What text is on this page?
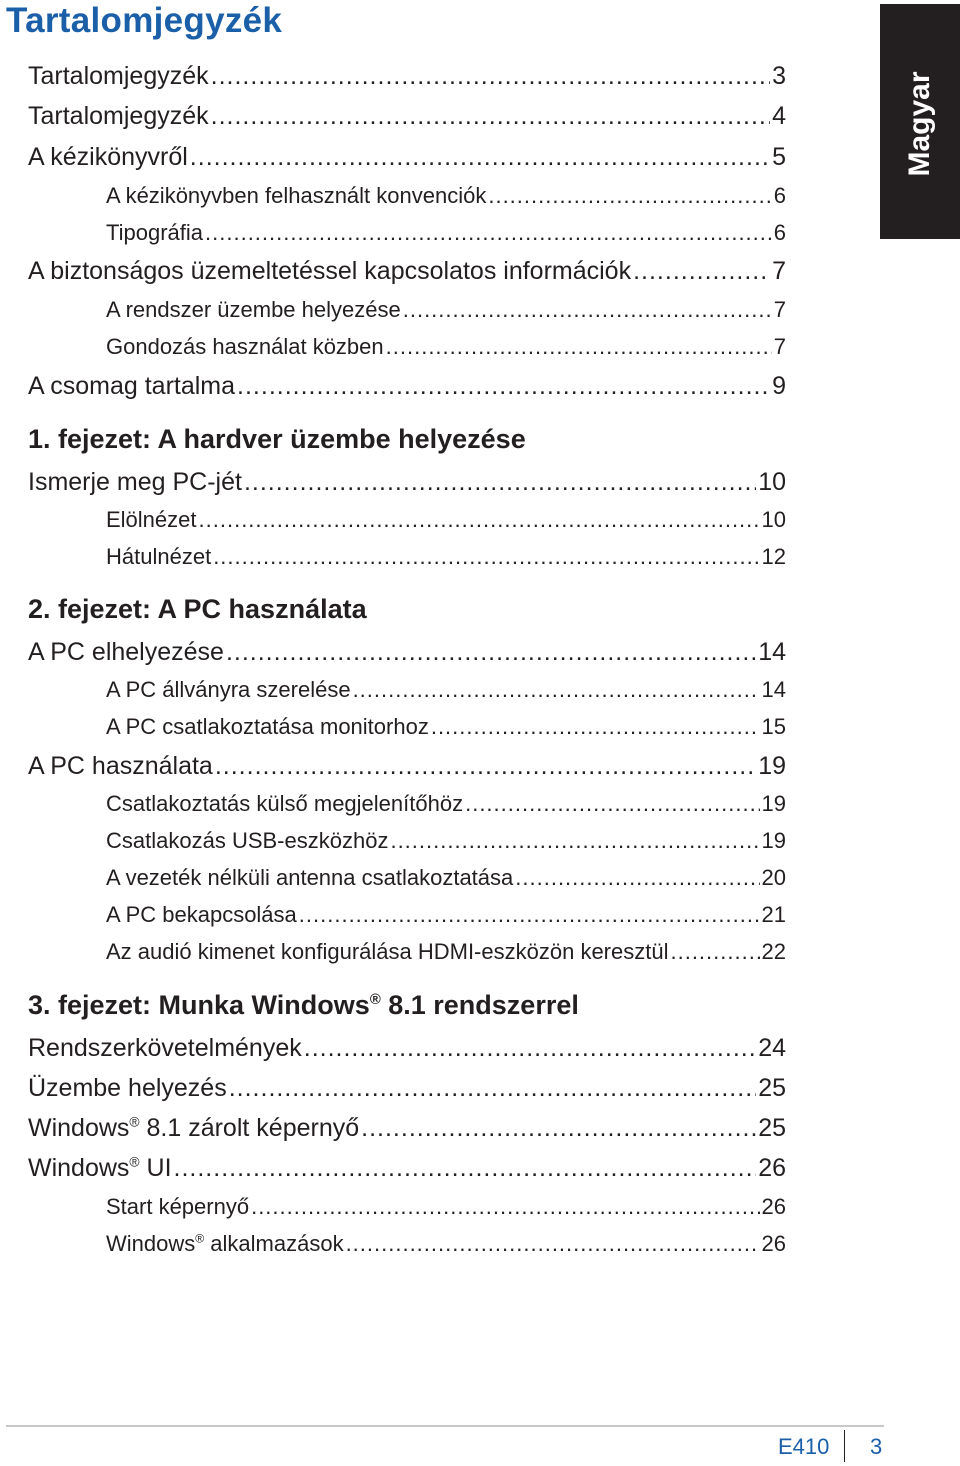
Tartalomjegyzék
Magyar
Tartalomjegyzék .....	3
Tartalomjegyzék .....	4
A kézikönyvről .....	5
A kézikönyvben felhasznált konvenciók .....	6
Tipográfia .....	6
A biztonságos üzemeltetéssel kapcsolatos információk .....	7
A rendszer üzembe helyezése .....	7
Gondozás használat közben .....	7
A csomag tartalma .....	9
1. fejezet: A hardver üzembe helyezése
Ismerje meg PC-jét .....	10
Elölnézet .....	10
Hátulnézet .....	12
2. fejezet: A PC használata
A PC elhelyezése .....	14
A PC állványra szerelése .....	14
A PC csatlakoztatása monitorhoz .....	15
A PC használata .....	19
Csatlakoztatás külső megjelenítőhöz .....	19
Csatlakozás USB-eszközhöz .....	19
A vezeték nélküli antenna csatlakoztatása .....	20
A PC bekapcsolása .....	21
Az audió kimenet konfigurálása HDMI-eszközön keresztül .....	22
3. fejezet: Munka Windows® 8.1 rendszerrel
Rendszerkövetelmények .....	24
Üzembe helyezés .....	25
Windows® 8.1 zárolt képernyő .....	25
Windows® UI .....	26
Start képernyő .....	26
Windows® alkalmazások .....	26
E410 3
